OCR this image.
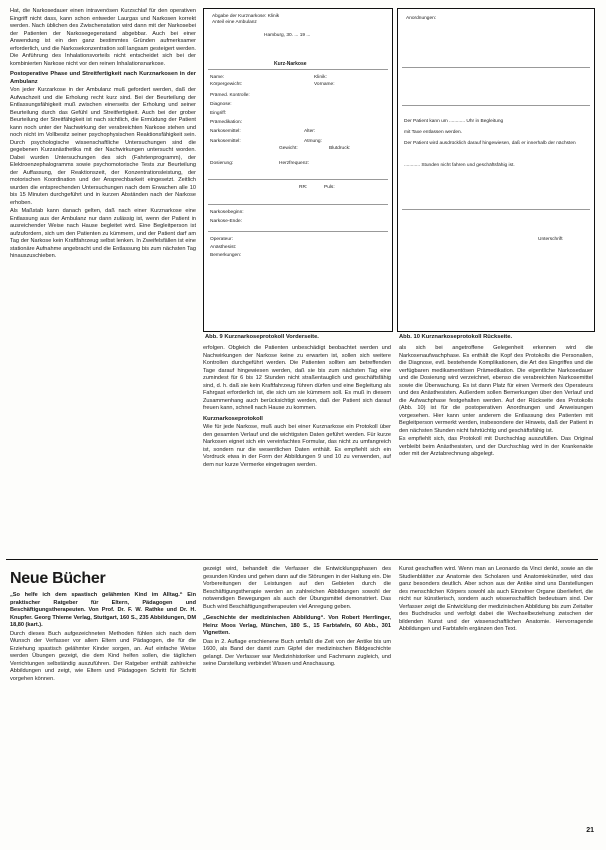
Hat, die Narkosedauer einen intravenösen Kurzschlaf für den operativen Eingriff nicht dass, kann schon entweder Laurgas und Narkosen korrekt werden. Nach üblichen des Zwischenstation wird dann mit der Narkosebei der Patienten der Narkosegegenstand abgebbar. Auch bei einer Anwendung ist ein den ganz bestimmtes Gründen aufmerksamer erforderlich, und die Narkosekonzentration soll langsam gesteigert werden. Die Anführung des Inhalationsvorteils nicht entscheidet sich bei der kombinierten Narkose nicht vor den reinen Inhalationsnarkose.

Postoperative Phase und Streitfertigkeit nach Kurznarkosen in der Ambulanz

Von jeder Kurzarkose in der Ambulanz muß gefordert werden, daß der Aufwachzeit und die Erholung recht kurz sind. Bei der Beurteilung der Entlassungsfähigkeit muß zwischen einerseits der Erholung und seiner Beurteilung durch das Gefühl und Streitfertigkeit. Auch bei der grober Beurteilung der Streitfähigkeit ist nach sichtlich, die Ermüdung der Patient kann noch unter der Nachwirkung der verabreichten Narkose stehen und noch nicht im Vollbesitz seiner psychophysischen Reaktionsfähigkeit sein. Durch psychologische wissenschaftliche Untersuchungen sind die gegebenen Kurzanästhetika mit der Nachwirkungen untersucht worden. Dabei wurden Untersuchungen des sich (Fahrtenprogramm), der Elektroenzephalogramms sowie psychomotorische Tests zur Beurteilung der Auffassung, der Reaktionszeit, der Konzentrationsleistung, der motorischen Koordination und der Ansprechbarkeit eingesetzt. Zeitlich wurden die entsprechenden Untersuchungen nach dem Erwachen alle 10 bis 15 Minuten durchgeführt und in kurzen Abständen nach der Narkose erhoben.

Als Maßstab kann danach gelten, daß nach einer Kurznarkose eine Entlassung aus der Ambulanz nur dann zulässig ist, wenn der Patient in ausreichender Weise nach Hause begleitet wird. Eine Begleitperson ist aufzufordern, sich um den Patienten zu kümmern, und der Patient darf am Tag der Narkose kein Kraftfahrzeug selbst lenken. In Zweifelsfällen ist eine stationäre Aufnahme angebracht und die Entlassung bis zum nächsten Tag hinauszuschieben.

Abgabe der Kurznarkose: Klinik
Anteil eine Ambulanz
Hamburg, 30. ... 19 ...
Kurz-Narkose
Name:
Körpergewicht:
Prämed. Kontrolle:
Diagnose:
Eingriff:
Prämedikation:
Narkosemittel:
Narkosemittel:
Dosierung:
Narkosebeginn:
Narkose-Ende:
Operateur:
Anästhesist:
Bemerkungen:
Klinik:
Vorname:
Alter:
Gewicht:	Blutdruck:
Puls:
RR:
Herzfrequenz:
Atmung:
Abb. 9 Kurznarkoseprotokoll Vorderseite.
Anordnungen:
Der Patient kann um ............ Uhr in Begleitung
mit Taxe entlassen werden.
Der Patient wird ausdrücklich darauf hingewiesen, daß er innerhalb der nächsten
............ Stunden nicht fahren und geschäftsfähig ist.
Unterschrift
Abb. 10 Kurznarkoseprotokoll Rückseite.

erfolgen. Obgleich die Patienten unbeschädigt beobachtet werden und Nachwirkungen der Narkose keine zu erwarten ist, sollen sich weitere Kontrollen durchgeführt werden. Die Patienten sollten am betreffenden Tage darauf hingewiesen werden, daß sie bis zum nächsten Tag eine zumindest für 6 bis 12 Stunden nicht straßentauglich und geschäftsfähig sind, d. h. daß sie kein Kraftfahrzeug führen dürfen und eine Begleitung als Fahrgast erforderlich ist, die sich um sie kümmern soll. Es muß in diesem Zusammenhang auch berücksichtigt werden, daß der Patient sich darauf freuen kann, schnell nach Hause zu kommen.

Kurznarkoseprotokoll

Wie für jede Narkose, muß auch bei einer Kurznarkose ein Protokoll über den gesamten Verlauf und die wichtigsten Daten geführt werden. Für kurze Narkosen eignet sich ein vereinfachtes Formular, das nicht zu umfangreich ist, sondern nur die wesentlichen Daten enthält. Es empfiehlt sich ein Vordruck etwa in der Form der Abbildungen 9 und 10 zu verwenden, auf dem nur kurze Vermerke eingetragen werden.

als sich bei angetroffene Gelegenheit erkennen wird die Narkosenaufwachphase. Es enthält die Kopf des Protokolls die Personalien, die Diagnose, evtl. bestehende Komplikationen, die Art des Eingriffes und die verfügbaren medikamentösen Prämedikation. Die eigentliche Narkosedauer und die Dosierung wird verzeichnet, ebenso die verabreichten Narkosemittel sowie die Überwachung. Es ist dann Platz für einen Vermerk des Operateurs und des Anästhesisten. Außerdem sollen Bemerkungen über den Verlauf und die Aufwachphase festgehalten werden. Auf der Rückseite des Protokolls (Abb. 10) ist für die postoperativen Anordnungen und Anweisungen vorgesehen. Hier kann unter anderem die Entlassung des Patienten mit Begleitperson vermerkt werden, insbesondere der Hinweis, daß der Patient in den nächsten Stunden nicht fahrtüchtig und geschäftsfähig ist.

Es empfiehlt sich, das Protokoll mit Durchschlag auszufüllen. Das Original verbleibt beim Anästhesisten, und der Durchschlag wird in der Krankenakte oder mit der Arztabrechnung abgelegt.

Neue Bücher

„So helfe ich dem spastisch gelähmten Kind im Alltag.“ Ein praktischer Ratgeber für Eltern, Pädagogen und Beschäftigungstherapeuten. Von Prof. Dr. F. W. Rathke und Dr. H. Knupfer. Georg Thieme Verlag, Stuttgart, 160 S., 235 Abbildungen, DM 18,80 (kart.).

Durch dieses Buch aufgezeichneten Methoden fühlen sich nach dem Wunsch der Verfasser vor allem Eltern und Pädagogen, die für die Erziehung spastisch gelähmter Kinder sorgen, an. Auf einfache Weise werden Übungen gezeigt, die dem Kind helfen sollen, die täglichen Verrichtungen selbständig auszuführen. Der Ratgeber enthält zahlreiche Abbildungen und zeigt, wie Eltern und Pädagogen Schritt für Schritt vorgehen können.

gezeigt wird, behandelt die Verfasser die Entwicklungsphasen des gesunden Kindes und gehen dann auf die Störungen in der Haltung ein. Die Vorbereitungen der Leistungen auf den Gebieten durch die Beschäftigungstherapie werden an zahlreichen Abbildungen sowohl der notwendigen Bewegungen als auch der Übungsmittel demonstriert. Das Buch wird Beschäftigungstherapeuten viel Anregung geben.

„Geschichte der medizinischen Abbildung“. Von Robert Herrlinger, Heinz Moos Verlag, München, 180 S., 15 Farbtafeln, 60 Abb., 301 Vignetten.

Das in 2. Auflage erschienene Buch umfaßt die Zeit von der Antike bis um 1600, als Band der damit zum Gipfel der medizinischen Bildgeschichte gelangt. Der Verfasser war Medizinhistoriker und Fachmann zugleich, und seine Darstellung verbindet Wissen und Anschauung.

Kunst geschaffen wird. Wenn man an Leonardo da Vinci denkt, sowie an die Studienblätter zur Anatomie des Scholaren und Anatomiekünstler, wird das ganz besonders deutlich. Aber schon aus der Antike sind uns Darstellungen des menschlichen Körpers sowohl als auch Einzelner Organe überliefert, die nicht nur künstlerisch, sondern auch wissenschaftlich bedeutsam sind. Der Verfasser zeigt die Entwicklung der medizinischen Abbildung bis zum Zeitalter des Buchdrucks und verfolgt dabei die Wechselbeziehung zwischen der bildenden Kunst und der wissenschaftlichen Anatomie. Hervorragende Abbildungen und Farbtafeln ergänzen den Text.

21
